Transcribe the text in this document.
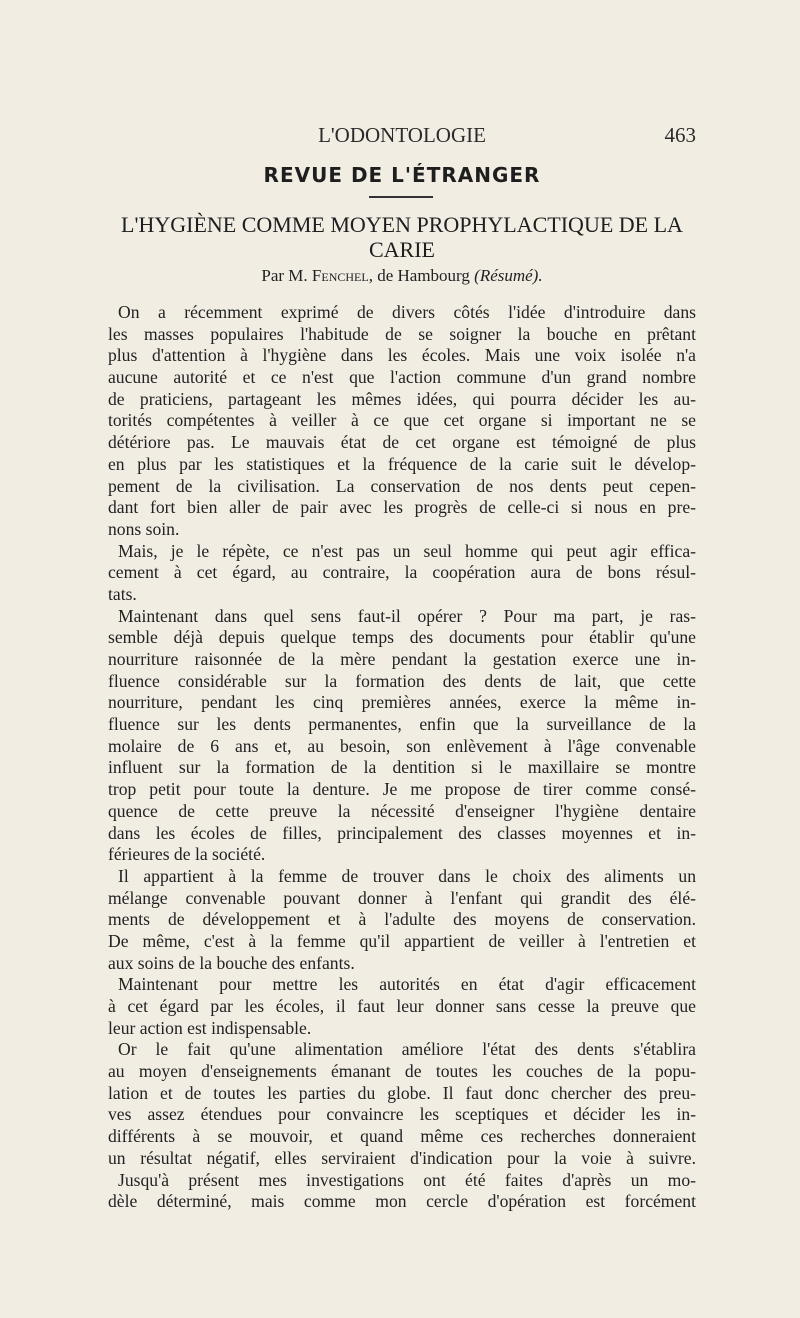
L'ODONTOLOGIE	463
REVUE DE L'ÉTRANGER
L'HYGIÈNE COMME MOYEN PROPHYLACTIQUE DE LA
CARIE
Par M. Fenchel, de Hambourg (Résumé).
On a récemment exprimé de divers côtés l'idée d'introduire dans
les masses populaires l'habitude de se soigner la bouche en prêtant
plus d'attention à l'hygiène dans les écoles. Mais une voix isolée n'a
aucune autorité et ce n'est que l'action commune d'un grand nombre
de praticiens, partageant les mêmes idées, qui pourra décider les au-
torités compétentes à veiller à ce que cet organe si important ne se
détériore pas. Le mauvais état de cet organe est témoigné de plus
en plus par les statistiques et la fréquence de la carie suit le dévelop-
pement de la civilisation. La conservation de nos dents peut cepen-
dant fort bien aller de pair avec les progrès de celle-ci si nous en pre-
nons soin.
Mais, je le répète, ce n'est pas un seul homme qui peut agir effica-
cement à cet égard, au contraire, la coopération aura de bons résul-
tats.
Maintenant dans quel sens faut-il opérer ? Pour ma part, je ras-
semble déjà depuis quelque temps des documents pour établir qu'une
nourriture raisonnée de la mère pendant la gestation exerce une in-
fluence considérable sur la formation des dents de lait, que cette
nourriture, pendant les cinq premières années, exerce la même in-
fluence sur les dents permanentes, enfin que la surveillance de la
molaire de 6 ans et, au besoin, son enlèvement à l'âge convenable
influent sur la formation de la dentition si le maxillaire se montre
trop petit pour toute la denture. Je me propose de tirer comme consé-
quence de cette preuve la nécessité d'enseigner l'hygiène dentaire
dans les écoles de filles, principalement des classes moyennes et in-
férieures de la société.
Il appartient à la femme de trouver dans le choix des aliments un
mélange convenable pouvant donner à l'enfant qui grandit des élé-
ments de développement et à l'adulte des moyens de conservation.
De même, c'est à la femme qu'il appartient de veiller à l'entretien et
aux soins de la bouche des enfants.
Maintenant pour mettre les autorités en état d'agir efficacement
à cet égard par les écoles, il faut leur donner sans cesse la preuve que
leur action est indispensable.
Or le fait qu'une alimentation améliore l'état des dents s'établira
au moyen d'enseignements émanant de toutes les couches de la popu-
lation et de toutes les parties du globe. Il faut donc chercher des preu-
ves assez étendues pour convaincre les sceptiques et décider les in-
différents à se mouvoir, et quand même ces recherches donneraient
un résultat négatif, elles serviraient d'indication pour la voie à suivre.
Jusqu'à présent mes investigations ont été faites d'après un mo-
dèle déterminé, mais comme mon cercle d'opération est forcément
